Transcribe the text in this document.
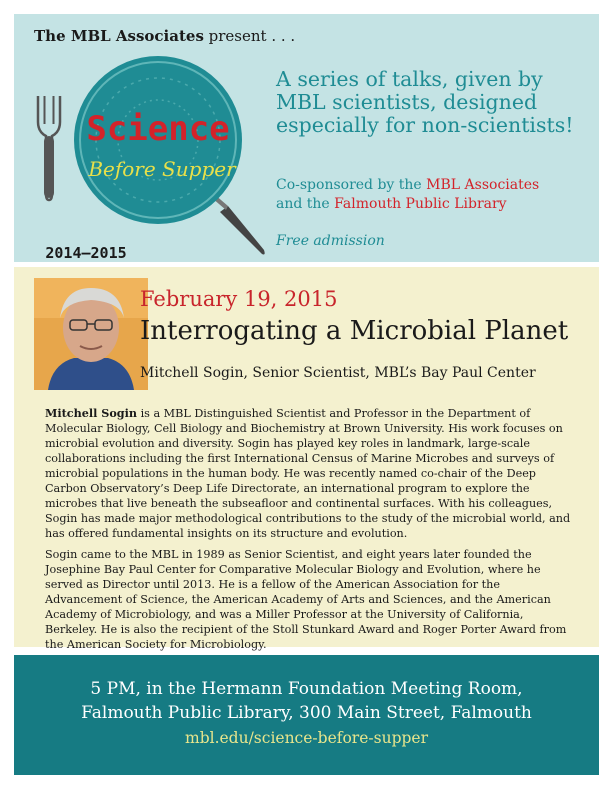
The MBL Associates present . . .
Science
Before Supper
2014–2015
A series of talks, given by MBL scientists, designed especially for non-scientists!
Co-sponsored by the MBL Associates
and the Falmouth Public Library
Free admission
February 19, 2015
Interrogating a Microbial Planet
Mitchell Sogin, Senior Scientist, MBL’s Bay Paul Center

Mitchell Sogin is a MBL Distinguished Scientist and Professor in the Department of Molecular Biology, Cell Biology and Biochemistry at Brown University. His work focuses on microbial evolution and diversity. Sogin has played key roles in landmark, large-scale collaborations including the first International Census of Marine Microbes and surveys of microbial populations in the human body. He was recently named co-chair of the Deep Carbon Observatory’s Deep Life Directorate, an international program to explore the microbes that live beneath the subseafloor and continental surfaces. With his colleagues, Sogin has made major methodological contributions to the study of the microbial world, and has offered fundamental insights on its structure and evolution.

Sogin came to the MBL in 1989 as Senior Scientist, and eight years later founded the Josephine Bay Paul Center for Comparative Molecular Biology and Evolution, where he served as Director until 2013. He is a fellow of the American Association for the Advancement of Science, the American Academy of Arts and Sciences, and the American Academy of Microbiology, and was a Miller Professor at the University of California, Berkeley. He is also the recipient of the Stoll Stunkard Award and Roger Porter Award from the American Society for Microbiology.

5 PM, in the Hermann Foundation Meeting Room,
Falmouth Public Library, 300 Main Street, Falmouth
mbl.edu/science-before-supper
